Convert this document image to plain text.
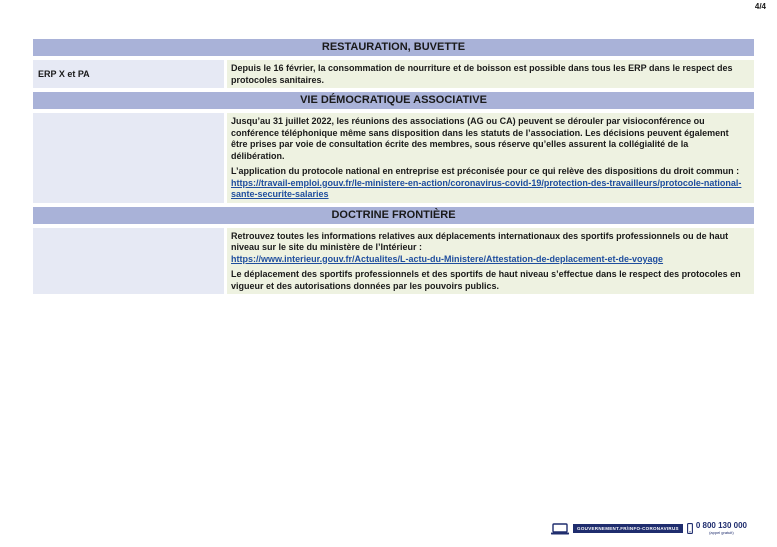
4/4
RESTAURATION, BUVETTE
ERP X et PA

Depuis le 16 février, la consommation de nourriture et de boisson est possible dans tous les ERP dans le respect des protocoles sanitaires.

VIE DÉMOCRATIQUE ASSOCIATIVE

Jusqu’au 31 juillet 2022, les réunions des associations (AG ou CA) peuvent se dérouler par visioconférence ou conférence téléphonique même sans disposition dans les statuts de l’association. Les décisions peuvent également être prises par voie de consultation écrite des membres, sous réserve qu’elles assurent la collégialité de la délibération.

L’application du protocole national en entreprise est préconisée pour ce qui relève des dispositions du droit commun : https://travail-emploi.gouv.fr/le-ministere-en-action/coronavirus-covid-19/protection-des-travailleurs/protocole-national-sante-securite-salaries

DOCTRINE FRONTIÈRE

Retrouvez toutes les informations relatives aux déplacements internationaux des sportifs professionnels ou de haut niveau sur le site du ministère de l’Intérieur :
https://www.interieur.gouv.fr/Actualites/L-actu-du-Ministere/Attestation-de-deplacement-et-de-voyage

Le déplacement des sportifs professionnels et des sportifs de haut niveau s’effectue dans le respect des protocoles en vigueur et des autorisations données par les pouvoirs publics.

GOUVERNEMENT.FR/INFO-CORONAVIRUS	0 800 130 000
(appel gratuit)
